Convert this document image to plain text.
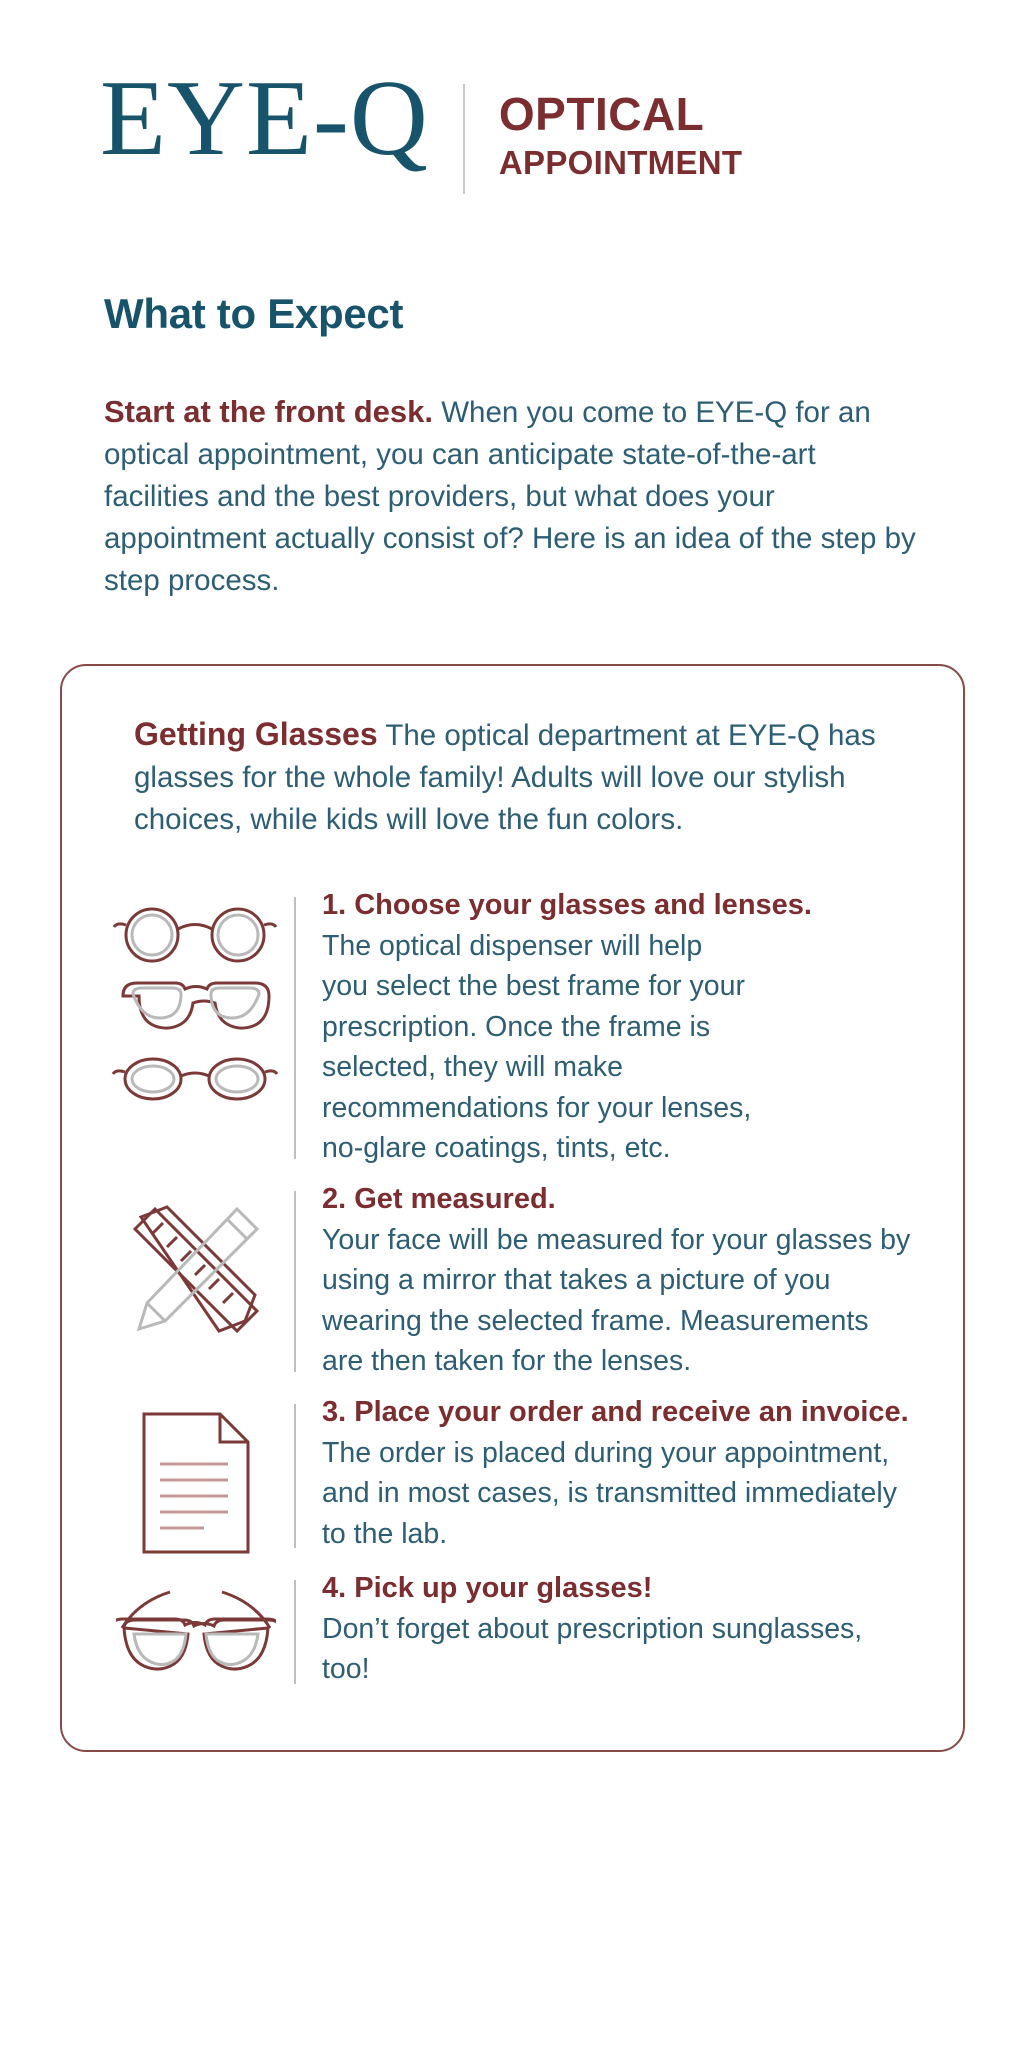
EYE-Q OPTICAL
APPOINTMENT
What to Expect
Start at the front desk. When you come to EYE-Q for an optical appointment, you can anticipate state-of-the-art facilities and the best providers, but what does your appointment actually consist of? Here is an idea of the step by step process.
Getting Glasses The optical department at EYE-Q has glasses for the whole family! Adults will love our stylish choices, while kids will love the fun colors.
1. Choose your glasses and lenses.
The optical dispenser will help you select the best frame for your prescription. Once the frame is selected, they will make recommendations for your lenses, no-glare coatings, tints, etc.
2. Get measured.
Your face will be measured for your glasses by using a mirror that takes a picture of you wearing the selected frame. Measurements are then taken for the lenses.
3. Place your order and receive an invoice.
The order is placed during your appointment, and in most cases, is transmitted immediately to the lab.
4. Pick up your glasses!
Don’t forget about prescription sunglasses, too!
